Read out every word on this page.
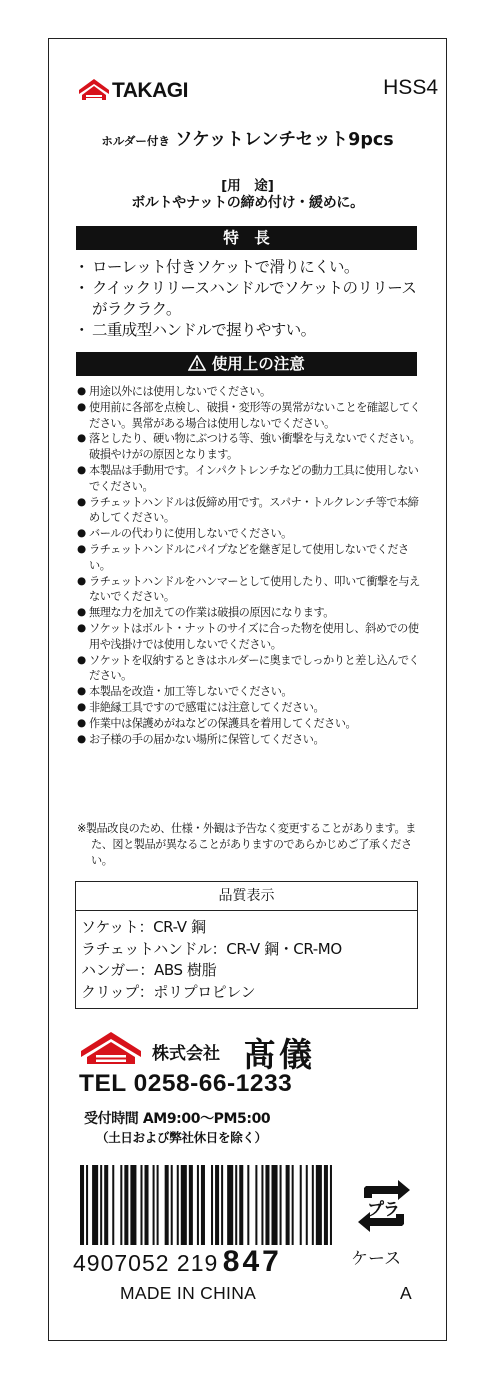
TAKAGI	HSS4
ホルダー付き ソケットレンチセット9pcs
[用　途]
ボルトやナットの締め付け・緩めに。
特　長
・ ローレット付きソケットで滑りにくい。
・ クイックリリースハンドルでソケットのリリースがラクラク。
・ 二重成型ハンドルで握りやすい。
使用上の注意
● 用途以外には使用しないでください。
● 使用前に各部を点検し、破損・変形等の異常がないことを確認してください。異常がある場合は使用しないでください。
● 落としたり、硬い物にぶつける等、強い衝撃を与えないでください。破損やけがの原因となります。
● 本製品は手動用です。インパクトレンチなどの動力工具に使用しないでください。
● ラチェットハンドルは仮締め用です。スパナ・トルクレンチ等で本締めしてください。
● バールの代わりに使用しないでください。
● ラチェットハンドルにパイプなどを継ぎ足して使用しないでください。
● ラチェットハンドルをハンマーとして使用したり、叩いて衝撃を与えないでください。
● 無理な力を加えての作業は破損の原因になります。
● ソケットはボルト・ナットのサイズに合った物を使用し、斜めでの使用や浅掛けでは使用しないでください。
● ソケットを収納するときはホルダーに奥までしっかりと差し込んでください。
● 本製品を改造・加工等しないでください。
● 非絶縁工具ですので感電には注意してください。
● 作業中は保護めがねなどの保護具を着用してください。
● お子様の手の届かない場所に保管してください。
※製品改良のため、仕様・外観は予告なく変更することがあります。また、図と製品が異なることがありますのであらかじめご了承ください。
品質表示
ソケット：CR-V 鋼
ラチェットハンドル：CR-V 鋼・CR-MO
ハンガー：ABS 樹脂
クリップ：ポリプロピレン
株式会社 髙儀
TEL 0258-66-1233
受付時間 AM9:00〜PM5:00
（土日および弊社休日を除く）
4907052 219 847
プラ
ケース
MADE IN CHINA	A
